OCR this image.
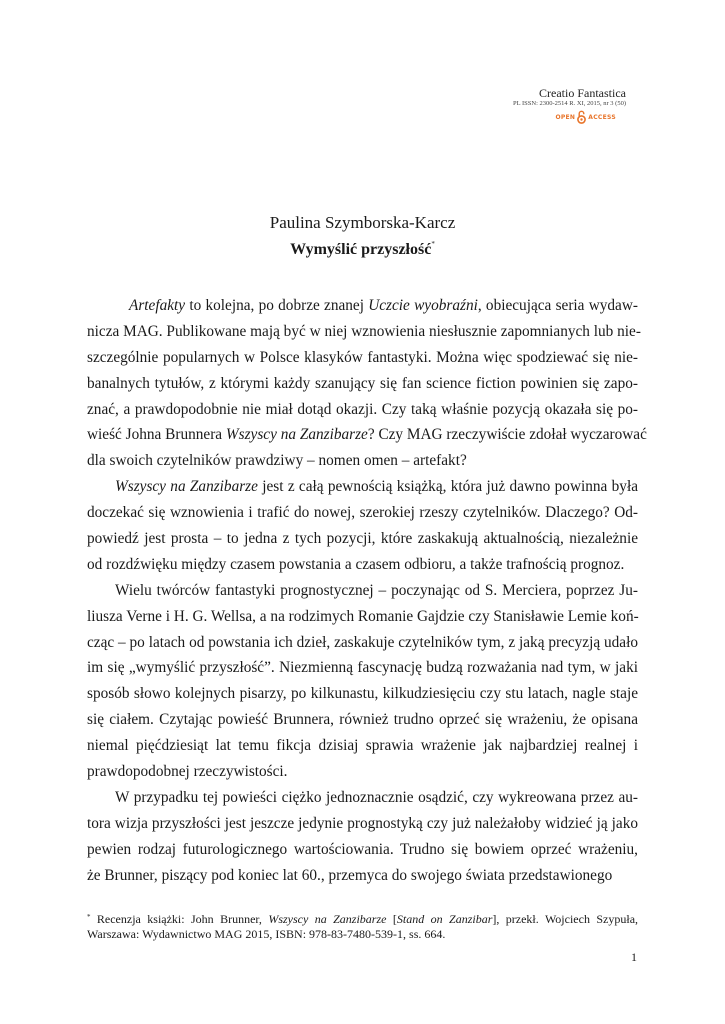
Creatio Fantastica
PL ISSN: 2300-2514 R. XI, 2015, nr 3 (50)
OPEN ACCESS
Paulina Szymborska-Karcz
Wymyślić przyszłość*
Artefakty to kolejna, po dobrze znanej Uczcie wyobraźni, obiecująca seria wydaw-
nicza MAG. Publikowane mają być w niej wznowienia niesłusznie zapomnianych lub nie-
szczególnie popularnych w Polsce klasyków fantastyki. Można więc spodziewać się nie-
banalnych tytułów, z którymi każdy szanujący się fan science fiction powinien się zapo-
znać, a prawdopodobnie nie miał dotąd okazji. Czy taką właśnie pozycją okazała się po-
wieść Johna Brunnera Wszyscy na Zanzibarze? Czy MAG rzeczywiście zdołał wyczarować
dla swoich czytelników prawdziwy – nomen omen – artefakt?
Wszyscy na Zanzibarze jest z całą pewnością książką, która już dawno powinna była
doczekać się wznowienia i trafić do nowej, szerokiej rzeszy czytelników. Dlaczego? Od-
powiedź jest prosta – to jedna z tych pozycji, które zaskakują aktualnością, niezależnie
od rozdźwięku między czasem powstania a czasem odbioru, a także trafnością prognoz.
Wielu twórców fantastyki prognostycznej – poczynając od S. Merciera, poprzez Ju-
liusza Verne i H. G. Wellsa, a na rodzimych Romanie Gajdzie czy Stanisławie Lemie koń-
cząc – po latach od powstania ich dzieł, zaskakuje czytelników tym, z jaką precyzją udało
im się „wymyślić przyszłość”. Niezmienną fascynację budzą rozważania nad tym, w jaki
sposób słowo kolejnych pisarzy, po kilkunastu, kilkudziesięciu czy stu latach, nagle staje
się ciałem. Czytając powieść Brunnera, również trudno oprzeć się wrażeniu, że opisana
niemal pięćdziesiąt lat temu fikcja dzisiaj sprawia wrażenie jak najbardziej realnej i
prawdopodobnej rzeczywistości.
W przypadku tej powieści ciężko jednoznacznie osądzić, czy wykreowana przez au-
tora wizja przyszłości jest jeszcze jedynie prognostyką czy już należałoby widzieć ją jako
pewien rodzaj futurologicznego wartościowania. Trudno się bowiem oprzeć wrażeniu,
że Brunner, piszący pod koniec lat 60., przemyca do swojego świata przedstawionego
* Recenzja książki: John Brunner, Wszyscy na Zanzibarze [Stand on Zanzibar], przekł. Wojciech Szypuła,
Warszawa: Wydawnictwo MAG 2015, ISBN: 978-83-7480-539-1, ss. 664.
1
